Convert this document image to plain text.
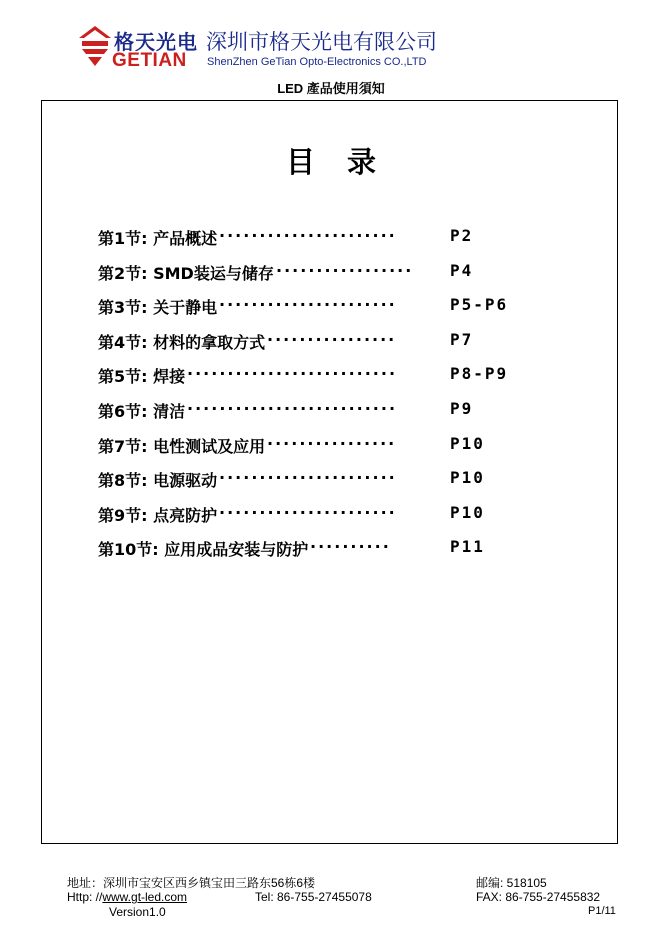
格天光电 深圳市格天光电有限公司
GETIAN ShenZhen GeTian Opto-Electronics CO.,LTD
LED 產品使用須知
目录
第1节: 产品概述 ······················	P2
第2节: SMD装运与储存 ·················	P4
第3节: 关于静电 ······················	P5-P6
第4节: 材料的拿取方式 ················	P7
第5节: 焊接 ··························	P8-P9
第6节: 清洁 ··························	P9
第7节: 电性测试及应用 ················	P10
第8节: 电源驱动 ······················	P10
第9节: 点亮防护 ······················	P10
第10节: 应用成品安装与防护 ··········	P11
地址：深圳市宝安区西乡镇宝田三路东56栋6楼	邮编: 518105
Http: //www.gt-led.com	Tel: 86-755-27455078	FAX: 86-755-27455832
Version1.0	P1/11
